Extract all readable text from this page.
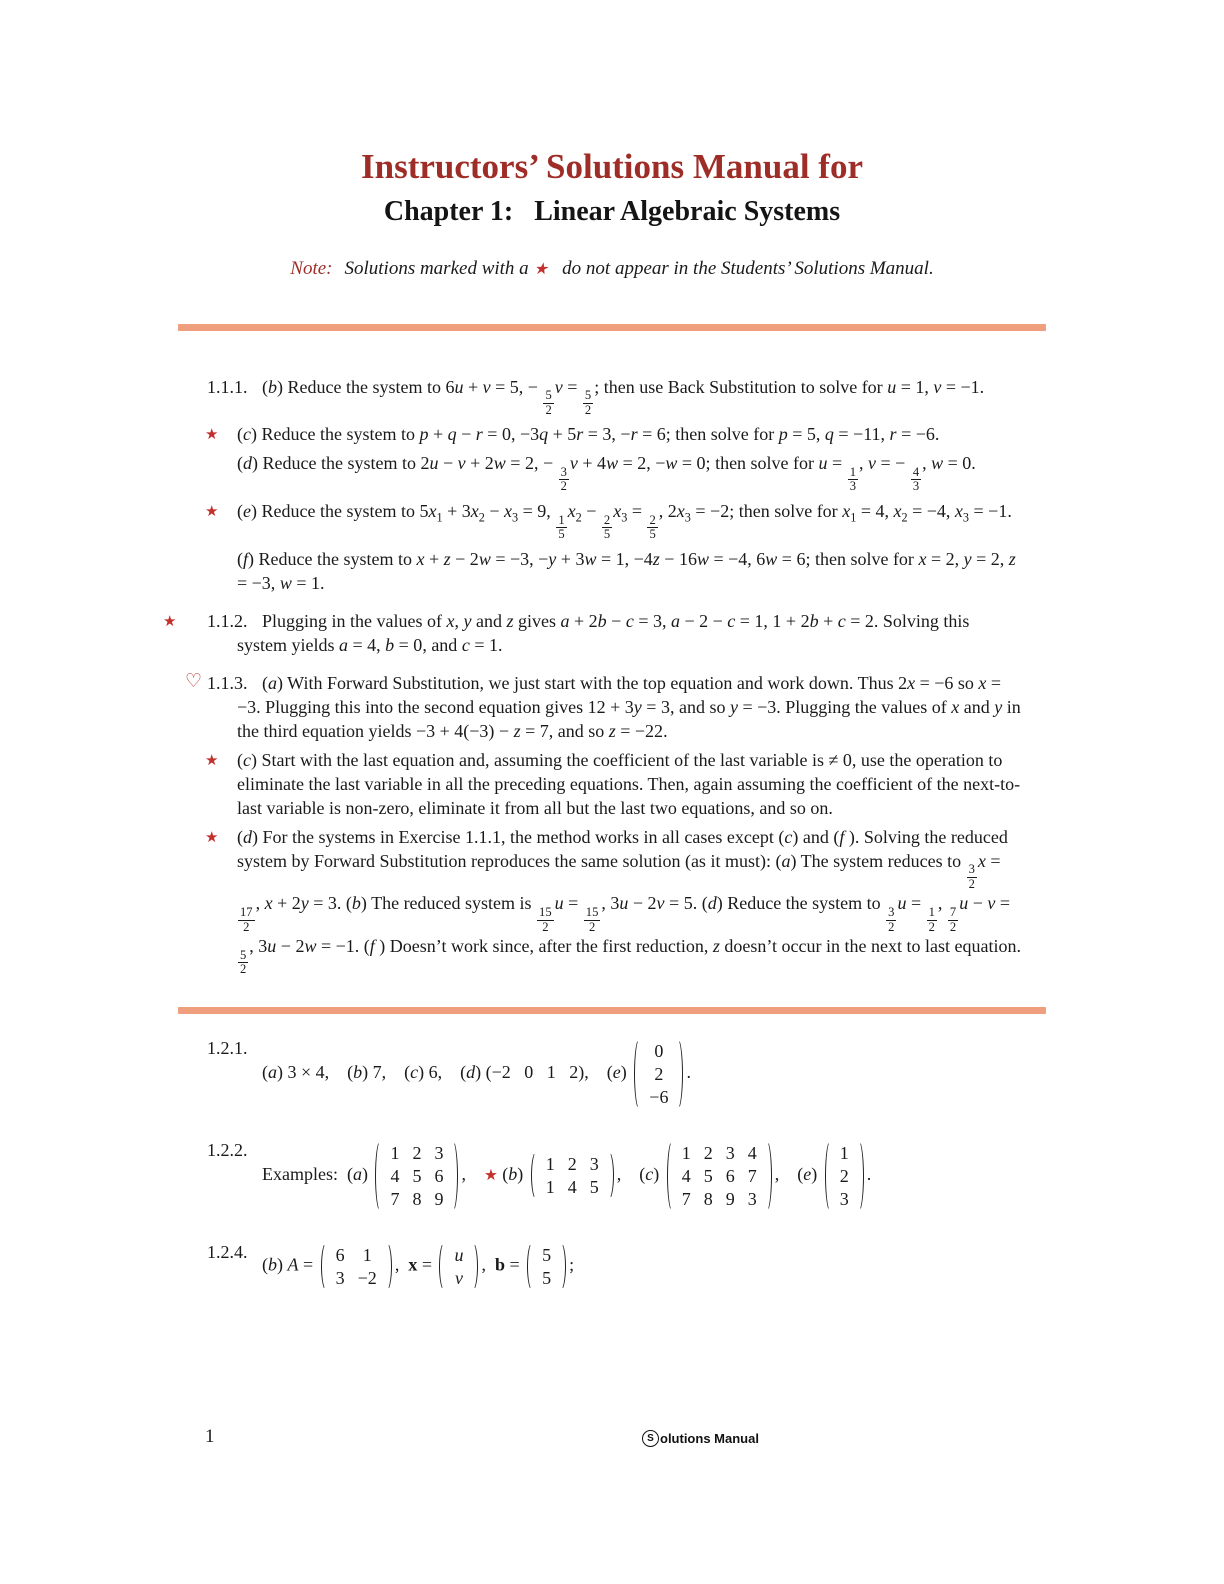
Instructors’ Solutions Manual for
Chapter 1:  Linear Algebraic Systems
Note: Solutions marked with a ★  do not appear in the Students’ Solutions Manual.
1.1.1.  (b) Reduce the system to 6u + v = 5, −
$\frac{5}{2}$
v =
$\frac{5}{2}$
; then use Back Substitution to solve for u = 1, v = −1.
★ (c) Reduce the system to p + q − r = 0, −3q + 5r = 3, −r = 6; then solve for p = 5, q = −11, r = −6.
(d) Reduce the system to 2u − v + 2w = 2, −
$\frac{3}{2}$
v + 4w = 2, −w = 0; then solve for u =
$\frac{1}{3}$
, v = −
$\frac{4}{3}$
, w = 0.
★ (e) Reduce the system to $5x_1 + 3x_2 - x_3 = 9$,
$\frac{1}{5}$
$x_2$ −
$\frac{2}{5}$
$x_3$ =
$\frac{2}{5}$
, $2x_3 = -2$; then solve for $x_1 = 4$, $x_2 = -4$, $x_3 = -1$.
(f) Reduce the system to x + z − 2w = −3, −y + 3w = 1, −4z − 16w = −4, 6w = 6; then solve for x = 2, y = 2, z = −3, w = 1.
★ 1.1.2.  Plugging in the values of x, y and z gives a + 2b − c = 3, a − 2 − c = 1, 1 + 2b + c = 2. Solving this system yields a = 4, b = 0, and c = 1.
♡ 1.1.3.  (a) With Forward Substitution, we just start with the top equation and work down. Thus 2x = −6 so x = −3. Plugging this into the second equation gives 12 + 3y = 3, and so y = −3. Plugging the values of x and y in the third equation yields −3 + 4(−3) − z = 7, and so z = −22.
★ (c) Start with the last equation and, assuming the coefficient of the last variable is ≠ 0, use the operation to eliminate the last variable in all the preceding equations. Then, again assuming the coefficient of the next-to-last variable is non-zero, eliminate it from all but the last two equations, and so on.
★ (d) For the systems in Exercise 1.1.1, the method works in all cases except (c) and (f ). Solving the reduced system by Forward Substitution reproduces the same solution (as it must): (a) The system reduces to
$\frac{3}{2}$
x =
$\frac{17}{2}$
, x + 2y = 3. (b) The reduced system is
$\frac{15}{2}$
u =
$\frac{15}{2}$
, 3u − 2v = 5. (d) Reduce the system to
$\frac{3}{2}$
u =
$\frac{1}{2}$
,
$\frac{7}{2}$
u − v =
$\frac{5}{2}$
, 3u − 2w = −1. (f ) Doesn’t work since, after the first reduction, z doesn’t occur in the next to last equation.
1.2.1. 
(a) 3 × 4, (b) 7, (c) 6, (d) (−2  0  1  2), (e)
0
2
−6
.
1.2.2. 
Examples: (a)
1 2 3
4 5 6
7 8 9
, ★ (b) 1 2 3
1 4 5
, (c)
1 2 3 4
4 5 6 7
7 8 9 3
, (e)
1
2
3
.
1.2.4. 
(b) A = 6 1
3 −2
, x = u
v
, b = 5
5
;
1	S olutions Manual
